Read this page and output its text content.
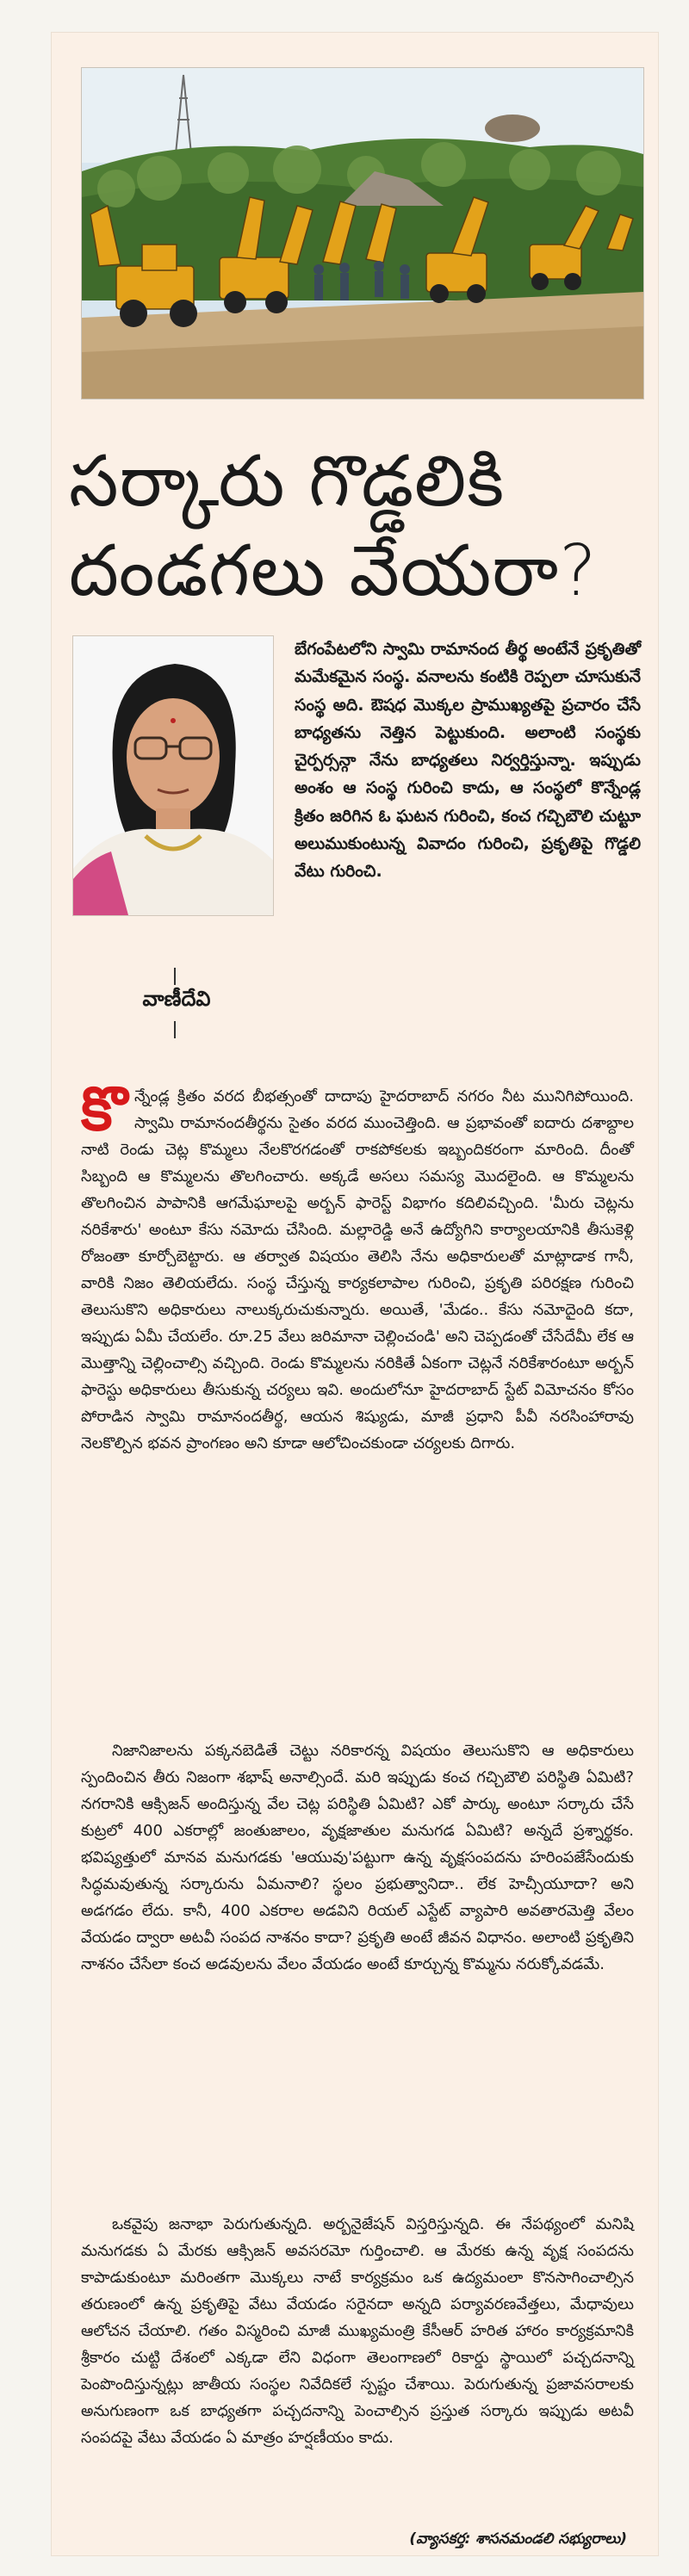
సర్కారు గొడ్డలికి
దండగలు వేయరా?
వాణీదేవి
బేగంపేటలోని స్వామి రామానంద తీర్థ అంటేనే ప్రకృతితో మమేకమైన సంస్థ. వనాలను కంటికి రెప్పలా చూసుకునే సంస్థ అది. ఔషధ మొక్కల ప్రాముఖ్యతపై ప్రచారం చేసే బాధ్యతను నెత్తిన పెట్టుకుంది. అలాంటి సంస్థకు చైర్పర్సన్గా నేను బాధ్యతలు నిర్వర్తిస్తున్నా. ఇప్పుడు అంశం ఆ సంస్థ గురించి కాదు, ఆ సంస్థలో కొన్నేండ్ల క్రితం జరిగిన ఓ ఘటన గురించి, కంచ గచ్చిబౌలి చుట్టూ అలుముకుంటున్న వివాదం గురించి, ప్రకృతిపై గొడ్డలి వేటు గురించి.
కొన్నేండ్ల క్రితం వరద బీభత్సంతో దాదాపు హైదరాబాద్ నగరం నీట మునిగిపోయింది. స్వామి రామానందతీర్థను సైతం వరద ముంచెత్తింది. ఆ ప్రభావంతో ఐదారు దశాబ్దాల నాటి రెండు చెట్ల కొమ్మలు నేలకొరగడంతో రాకపోకలకు ఇబ్బందికరంగా మారింది. దీంతో సిబ్బంది ఆ కొమ్మలను తొలగించారు. అక్కడే అసలు సమస్య మొదలైంది. ఆ కొమ్మలను తొలగించిన పాపానికి ఆగమేఘాలపై అర్బన్ ఫారెస్ట్ విభాగం కదిలివచ్చింది. 'మీరు చెట్లను నరికేశారు' అంటూ కేసు నమోదు చేసింది. మల్లారెడ్డి అనే ఉద్యోగిని కార్యాలయానికి తీసుకెళ్లి రోజంతా కూర్చోబెట్టారు. ఆ తర్వాత విషయం తెలిసి నేను అధికారులతో మాట్లాడాక గానీ, వారికి నిజం తెలియలేదు. సంస్థ చేస్తున్న కార్యకలాపాల గురించి, ప్రకృతి పరిరక్షణ గురించి తెలుసుకొని అధికారులు నాలుక్కరుచుకున్నారు. అయితే, 'మేడం.. కేసు నమోదైంది కదా, ఇప్పుడు ఏమీ చేయలేం. రూ.25 వేలు జరిమానా చెల్లించండి' అని చెప్పడంతో చేసేదేమీ లేక ఆ మొత్తాన్ని చెల్లించాల్సి వచ్చింది. రెండు కొమ్మలను నరికితే ఏకంగా చెట్లనే నరికేశారంటూ అర్బన్ ఫారెస్టు అధికారులు తీసుకున్న చర్యలు ఇవి. అందులోనూ హైదరాబాద్ స్టేట్ విమోచనం కోసం పోరాడిన స్వామి రామానందతీర్థ, ఆయన శిష్యుడు, మాజీ ప్రధాని పీవీ నరసింహారావు నెలకొల్పిన భవన ప్రాంగణం అని కూడా ఆలోచించకుండా చర్యలకు దిగారు.
నిజానిజాలను పక్కనబెడితే చెట్టు నరికారన్న విషయం తెలుసుకొని ఆ అధికారులు స్పందించిన తీరు నిజంగా శభాష్ అనాల్సిందే. మరి ఇప్పుడు కంచ గచ్చిబౌలి పరిస్థితి ఏమిటి? నగరానికి ఆక్సిజన్ అందిస్తున్న వేల చెట్ల పరిస్థితి ఏమిటి? ఎకో పార్కు అంటూ సర్కారు చేసే కుట్రలో 400 ఎకరాల్లో జంతుజాలం, వృక్షజాతుల మనుగడ ఏమిటి? అన్నదే ప్రశ్నార్థకం. భవిష్యత్తులో మానవ మనుగడకు 'ఆయువు'పట్టుగా ఉన్న వృక్షసంపదను హరింపజేసేందుకు సిద్ధమవుతున్న సర్కారును ఏమనాలి? స్థలం ప్రభుత్వానిదా.. లేక హెచ్సీయూదా? అని అడగడం లేదు. కానీ, 400 ఎకరాల అడవిని రియల్ ఎస్టేట్ వ్యాపారి అవతారమెత్తి వేలం వేయడం ద్వారా అటవీ సంపద నాశనం కాదా? ప్రకృతి అంటే జీవన విధానం. అలాంటి ప్రకృతిని నాశనం చేసేలా కంచ అడవులను వేలం వేయడం అంటే కూర్చున్న కొమ్మను నరుక్కోవడమే.
ఒకవైపు జనాభా పెరుగుతున్నది. అర్బనైజేషన్ విస్తరిస్తున్నది. ఈ నేపథ్యంలో మనిషి మనుగడకు ఏ మేరకు ఆక్సిజన్ అవసరమో గుర్తించాలి. ఆ మేరకు ఉన్న వృక్ష సంపదను కాపాడుకుంటూ మరింతగా మొక్కలు నాటే కార్యక్రమం ఒక ఉద్యమంలా కొనసాగించాల్సిన తరుణంలో ఉన్న ప్రకృతిపై వేటు వేయడం సరైనదా అన్నది పర్యావరణవేత్తలు, మేధావులు ఆలోచన చేయాలి. గతం విస్మరించి మాజీ ముఖ్యమంత్రి కేసీఆర్ హరిత హారం కార్యక్రమానికి శ్రీకారం చుట్టి దేశంలో ఎక్కడా లేని విధంగా తెలంగాణలో రికార్డు స్థాయిలో పచ్చదనాన్ని పెంపొందిస్తున్నట్లు జాతీయ సంస్థల నివేదికలే స్పష్టం చేశాయి. పెరుగుతున్న ప్రజావసరాలకు అనుగుణంగా ఒక బాధ్యతగా పచ్చదనాన్ని పెంచాల్సిన ప్రస్తుత సర్కారు ఇప్పుడు అటవీ సంపదపై వేటు వేయడం ఏ మాత్రం హర్షణీయం కాదు.
(వ్యాసకర్త: శాసనమండలి సభ్యురాలు)
